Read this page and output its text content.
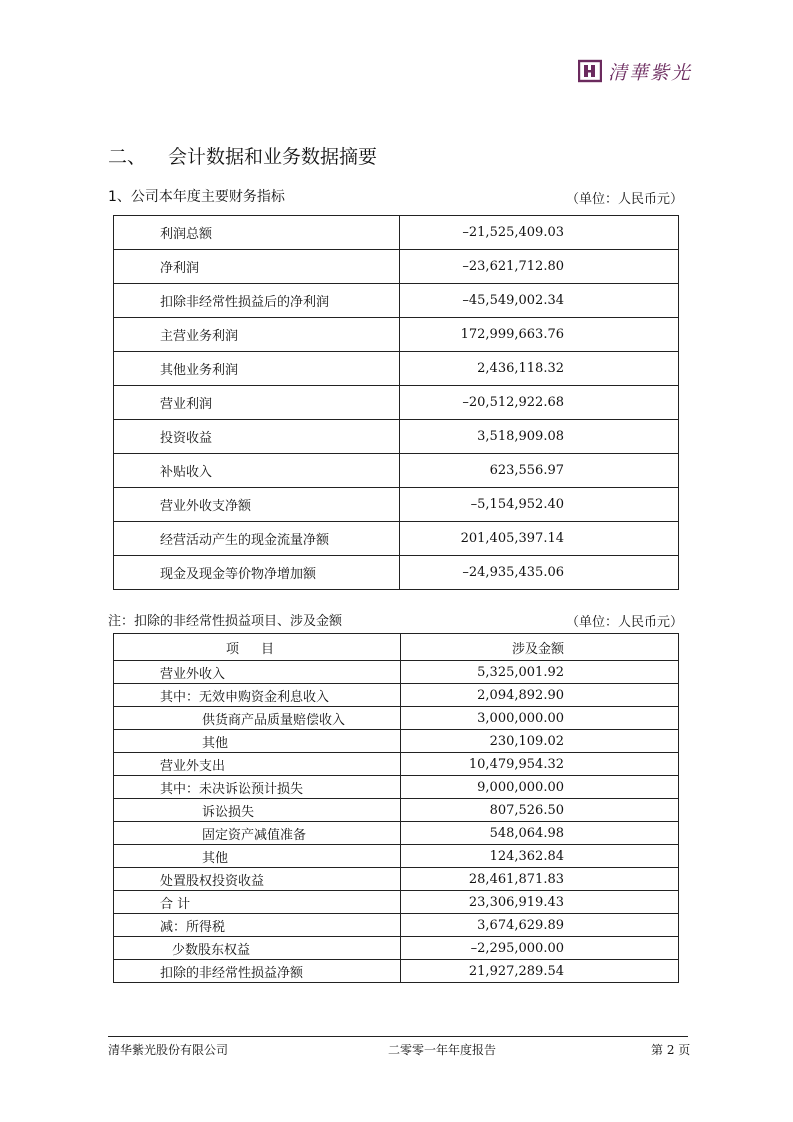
清華紫光
二、 会计数据和业务数据摘要
1、公司本年度主要财务指标	（单位：人民币元）
利润总额	–21,525,409.03
净利润	–23,621,712.80
扣除非经常性损益后的净利润	–45,549,002.34
主营业务利润	172,999,663.76
其他业务利润	2,436,118.32
营业利润	–20,512,922.68
投资收益	3,518,909.08
补贴收入	623,556.97
营业外收支净额	–5,154,952.40
经营活动产生的现金流量净额	201,405,397.14
现金及现金等价物净增加额	–24,935,435.06
注：扣除的非经常性损益项目、涉及金额	（单位：人民币元）
项目	涉及金额
营业外收入	5,325,001.92
其中：无效申购资金利息收入	2,094,892.90
供货商产品质量赔偿收入	3,000,000.00
其他	230,109.02
营业外支出	10,479,954.32
其中：未决诉讼预计损失	9,000,000.00
诉讼损失	807,526.50
固定资产减值准备	548,064.98
其他	124,362.84
处置股权投资收益	28,461,871.83
合 计	23,306,919.43
减：所得税	3,674,629.89
少数股东权益	–2,295,000.00
扣除的非经常性损益净额	21,927,289.54
清华紫光股份有限公司	二零零一年年度报告	第 2 页
